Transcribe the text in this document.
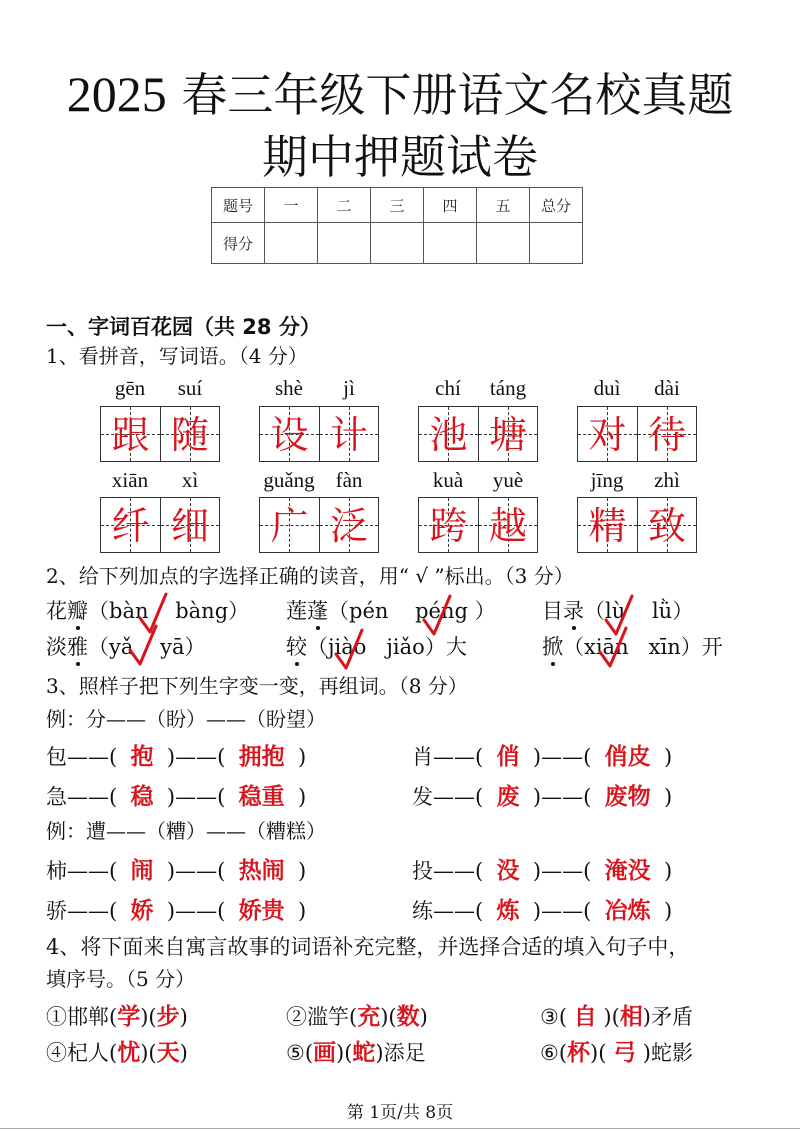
2025 春三年级下册语文名校真题
期中押题试卷
题号	一	二	三	四	五	总分
得分						
一、字词百花园（共 28 分）
1、看拼音，写词语。（4 分）
gēn	suí
跟 随
shè	jì
设 计
chí	táng
池 塘
duì	dài
对 待
xiān	xì
纤 细
guǎng fàn
广 泛
kuà	yuè
跨 越
jīng	zhì
精 致
2、给下列加点的字选择正确的读音，用“ √ ”标出。（3 分）
花瓣（bàn bàng） 莲蓬（pén péng ） 目录（lù lǜ）
淡雅（yǎ yā）	较（jiào jiǎo）大	掀（xiān xīn）开
3、照样子把下列生字变一变，再组词。（8 分）
例：分——（盼）——（盼望）
包——(  抱  )——(  拥抱  )	肖——(  俏  )——(  俏皮  )
急——(  稳  )——(  稳重  )	发——(  废  )——(  废物  )
例：遭——（糟）——（糟糕）
柿——(  闹  )——(  热闹  )	投——(  没  )——(  淹没  )
骄——(  娇  )——(  娇贵  )	练——(  炼  )——(  冶炼  )
4、将下面来自寓言故事的词语补充完整，并选择合适的填入句子中，
填序号。（5 分）
①邯郸(学)(步)	②滥竽(充)(数)	③( 自 )(相)矛盾
④杞人(忧)(天)	⑤(画)(蛇)添足	⑥(杯)( 弓 )蛇影
第 1页/共 8页
